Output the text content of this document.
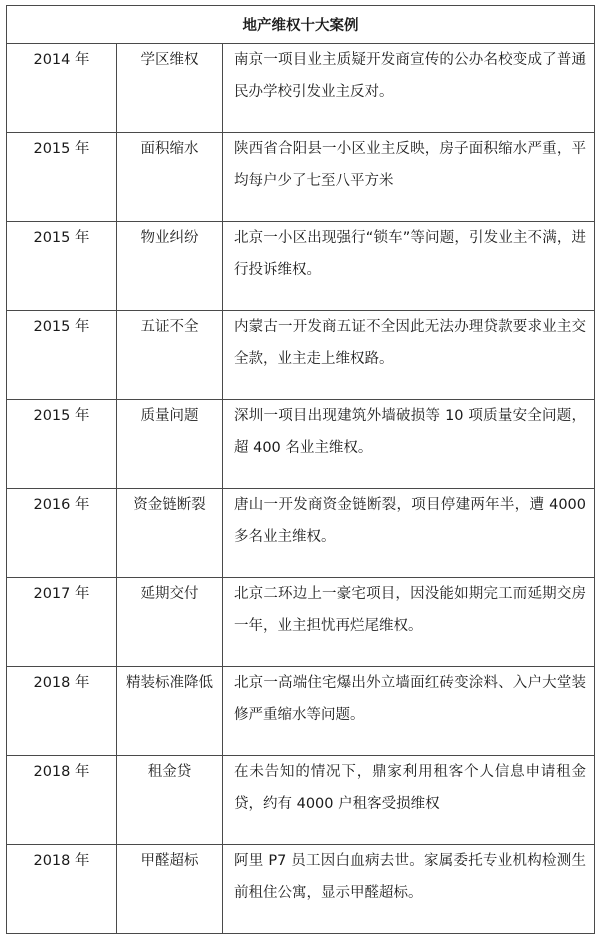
地产维权十大案例		
2014 年	学区维权	南京一项目业主质疑开发商宣传的公办名校变成了普通民办学校引发业主反对。

2015 年	面积缩水	陕西省合阳县一小区业主反映，房子面积缩水严重，平均每户少了七至八平方米

2015 年	物业纠纷	北京一小区出现强行“锁车”等问题，引发业主不满，进行投诉维权。

2015 年	五证不全	内蒙古一开发商五证不全因此无法办理贷款要求业主交全款，业主走上维权路。

2015 年	质量问题	深圳一项目出现建筑外墙破损等 10 项质量安全问题，超 400 名业主维权。

2016 年	资金链断裂	唐山一开发商资金链断裂，项目停建两年半，遭 4000 多名业主维权。

2017 年	延期交付	北京二环边上一豪宅项目，因没能如期完工而延期交房一年，业主担忧再烂尾维权。

2018 年	精装标准降低	北京一高端住宅爆出外立墙面红砖变涂料、入户大堂装修严重缩水等问题。

2018 年	租金贷	在未告知的情况下，鼎家利用租客个人信息申请租金贷，约有 4000 户租客受损维权

2018 年	甲醛超标	阿里 P7 员工因白血病去世。家属委托专业机构检测生前租住公寓，显示甲醛超标。
